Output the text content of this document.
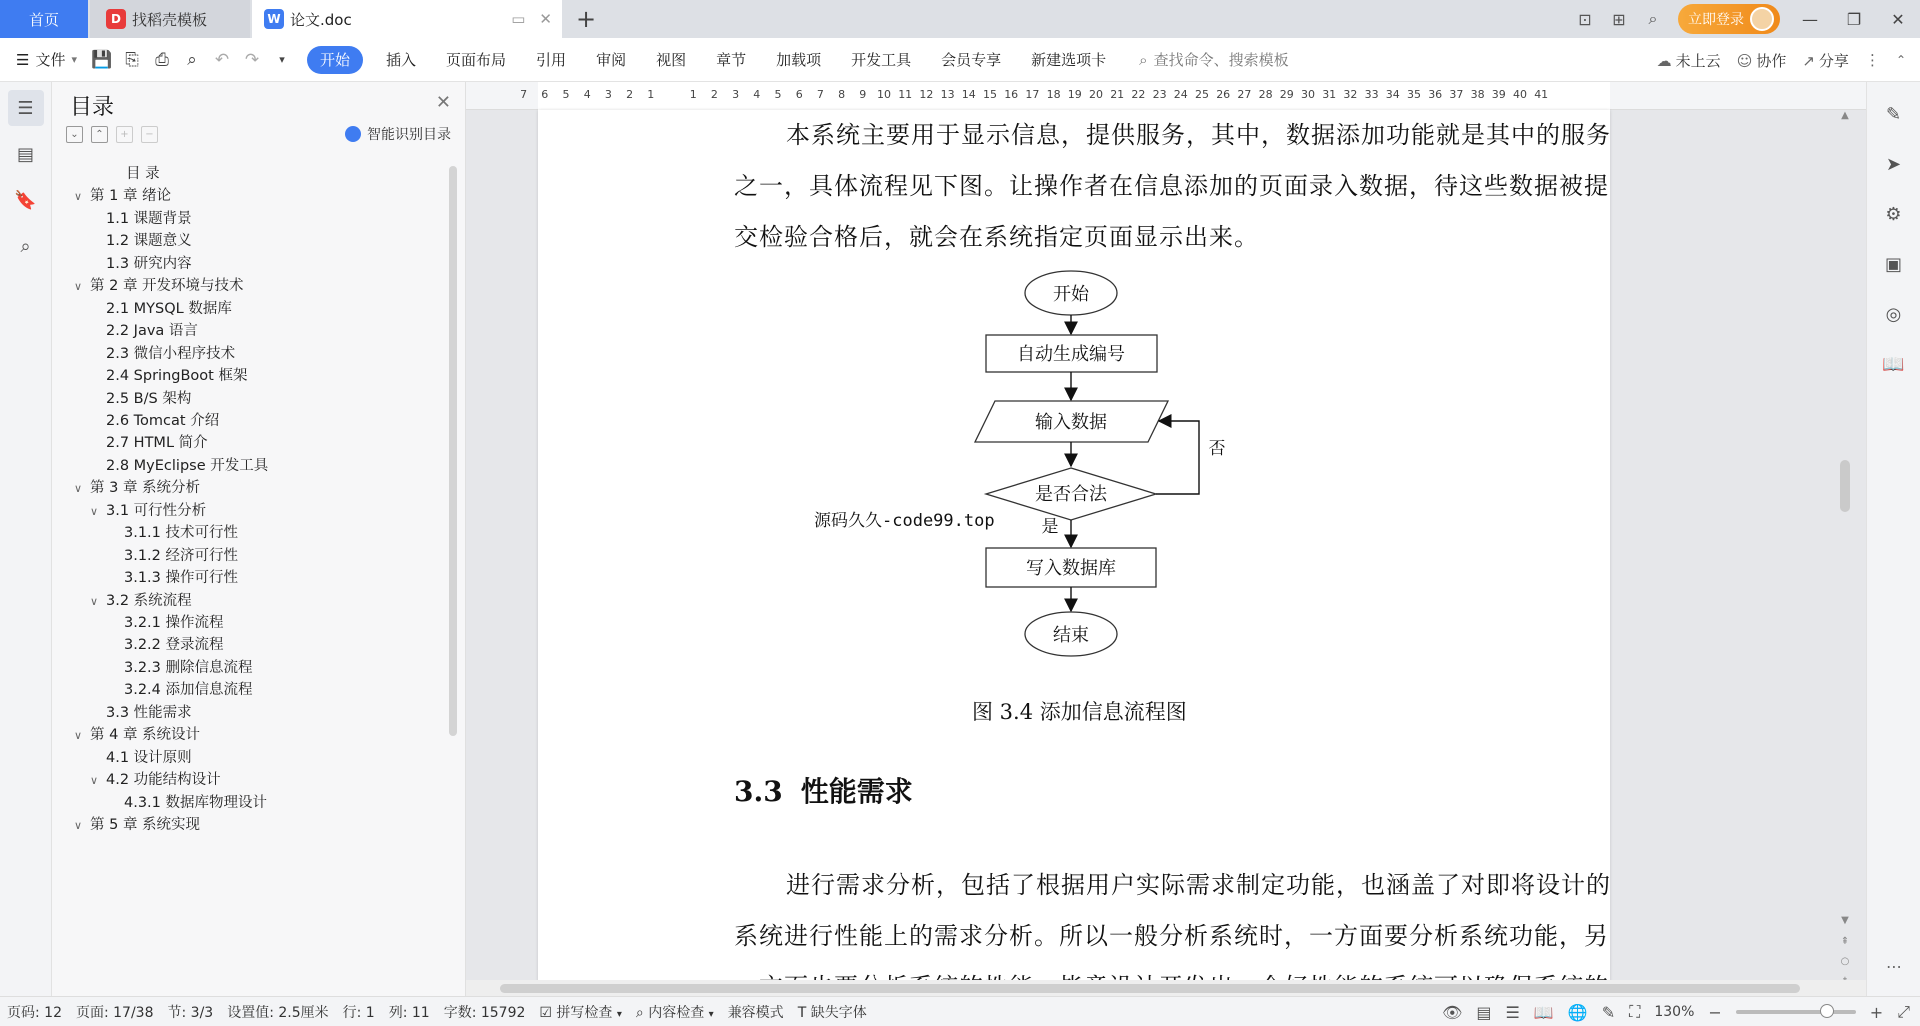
首页	D 找稻壳模板	W 论文.doc	▭ ✕ +	⊡	⊞	⌕	立即登录	—	❐	✕
☰ 文件 ▾ 💾 ⎘ ⎙	⌕	↶ ↷	▾	开始	插入	页面布局	引用	审阅	视图	章节	加载项	开发工具	会员专享	新建选项卡	⌕ 查找命令、搜索模板	☁ 未上云 ☺ 协作 ↗ 分享 ⋮ ⌃
☰
▤
🔖
⌕
目录	✕
⌄	⌃	+	−	智能识别目录
目 录
∨ 第 1 章 绪论
1.1 课题背景
1.2 课题意义
1.3 研究内容
∨ 第 2 章 开发环境与技术
2.1 MYSQL 数据库
2.2 Java 语言
2.3 微信小程序技术
2.4 SpringBoot 框架
2.5 B/S 架构
2.6 Tomcat 介绍
2.7 HTML 简介
2.8 MyEclipse 开发工具
∨ 第 3 章 系统分析
∨ 3.1 可行性分析
3.1.1 技术可行性
3.1.2 经济可行性
3.1.3 操作可行性
∨ 3.2 系统流程
3.2.1 操作流程
3.2.2 登录流程
3.2.3 删除信息流程
3.2.4 添加信息流程
3.3 性能需求
∨ 第 4 章 系统设计
4.1 设计原则
∨ 4.2 功能结构设计
4.3.1 数据库物理设计
∨ 第 5 章 系统实现
7 6 5 4 3 2 1	1 2 3 4 5 6 7 8 9 10 11 12 13 14 15 16 17 18 19 20 21 22 23 24 25 26 27 28 29 30 31 32 33 34 35 36 37 38 39 40 41
本系统主要用于显示信息，提供服务，其中，数据添加功能就是其中的服务
之一，具体流程见下图。让操作者在信息添加的页面录入数据，待这些数据被提
交检验合格后，就会在系统指定页面显示出来。
开始
自动生成编号
输入数据
是否合法
否
是
写入数据库
结束
源码久久-code99.top
图 3.4 添加信息流程图
3.3 性能需求
进行需求分析，包括了根据用户实际需求制定功能，也涵盖了对即将设计的
系统进行性能上的需求分析。所以一般分析系统时，一方面要分析系统功能，另
▲
▼
⇞
○
✎
➤
⚙
▣
◎
📖
⋯
页码: 12	页面: 17/38	节: 3/3	设置值: 2.5厘米	行: 1	列: 11	字数: 15792	☑ 拼写检查 ▾	⌕ 内容检查 ▾	兼容模式	T 缺失字体	👁 ▤ ☰ 📖 🌐 ✎ ⛶ 130% −	+ ⤢
